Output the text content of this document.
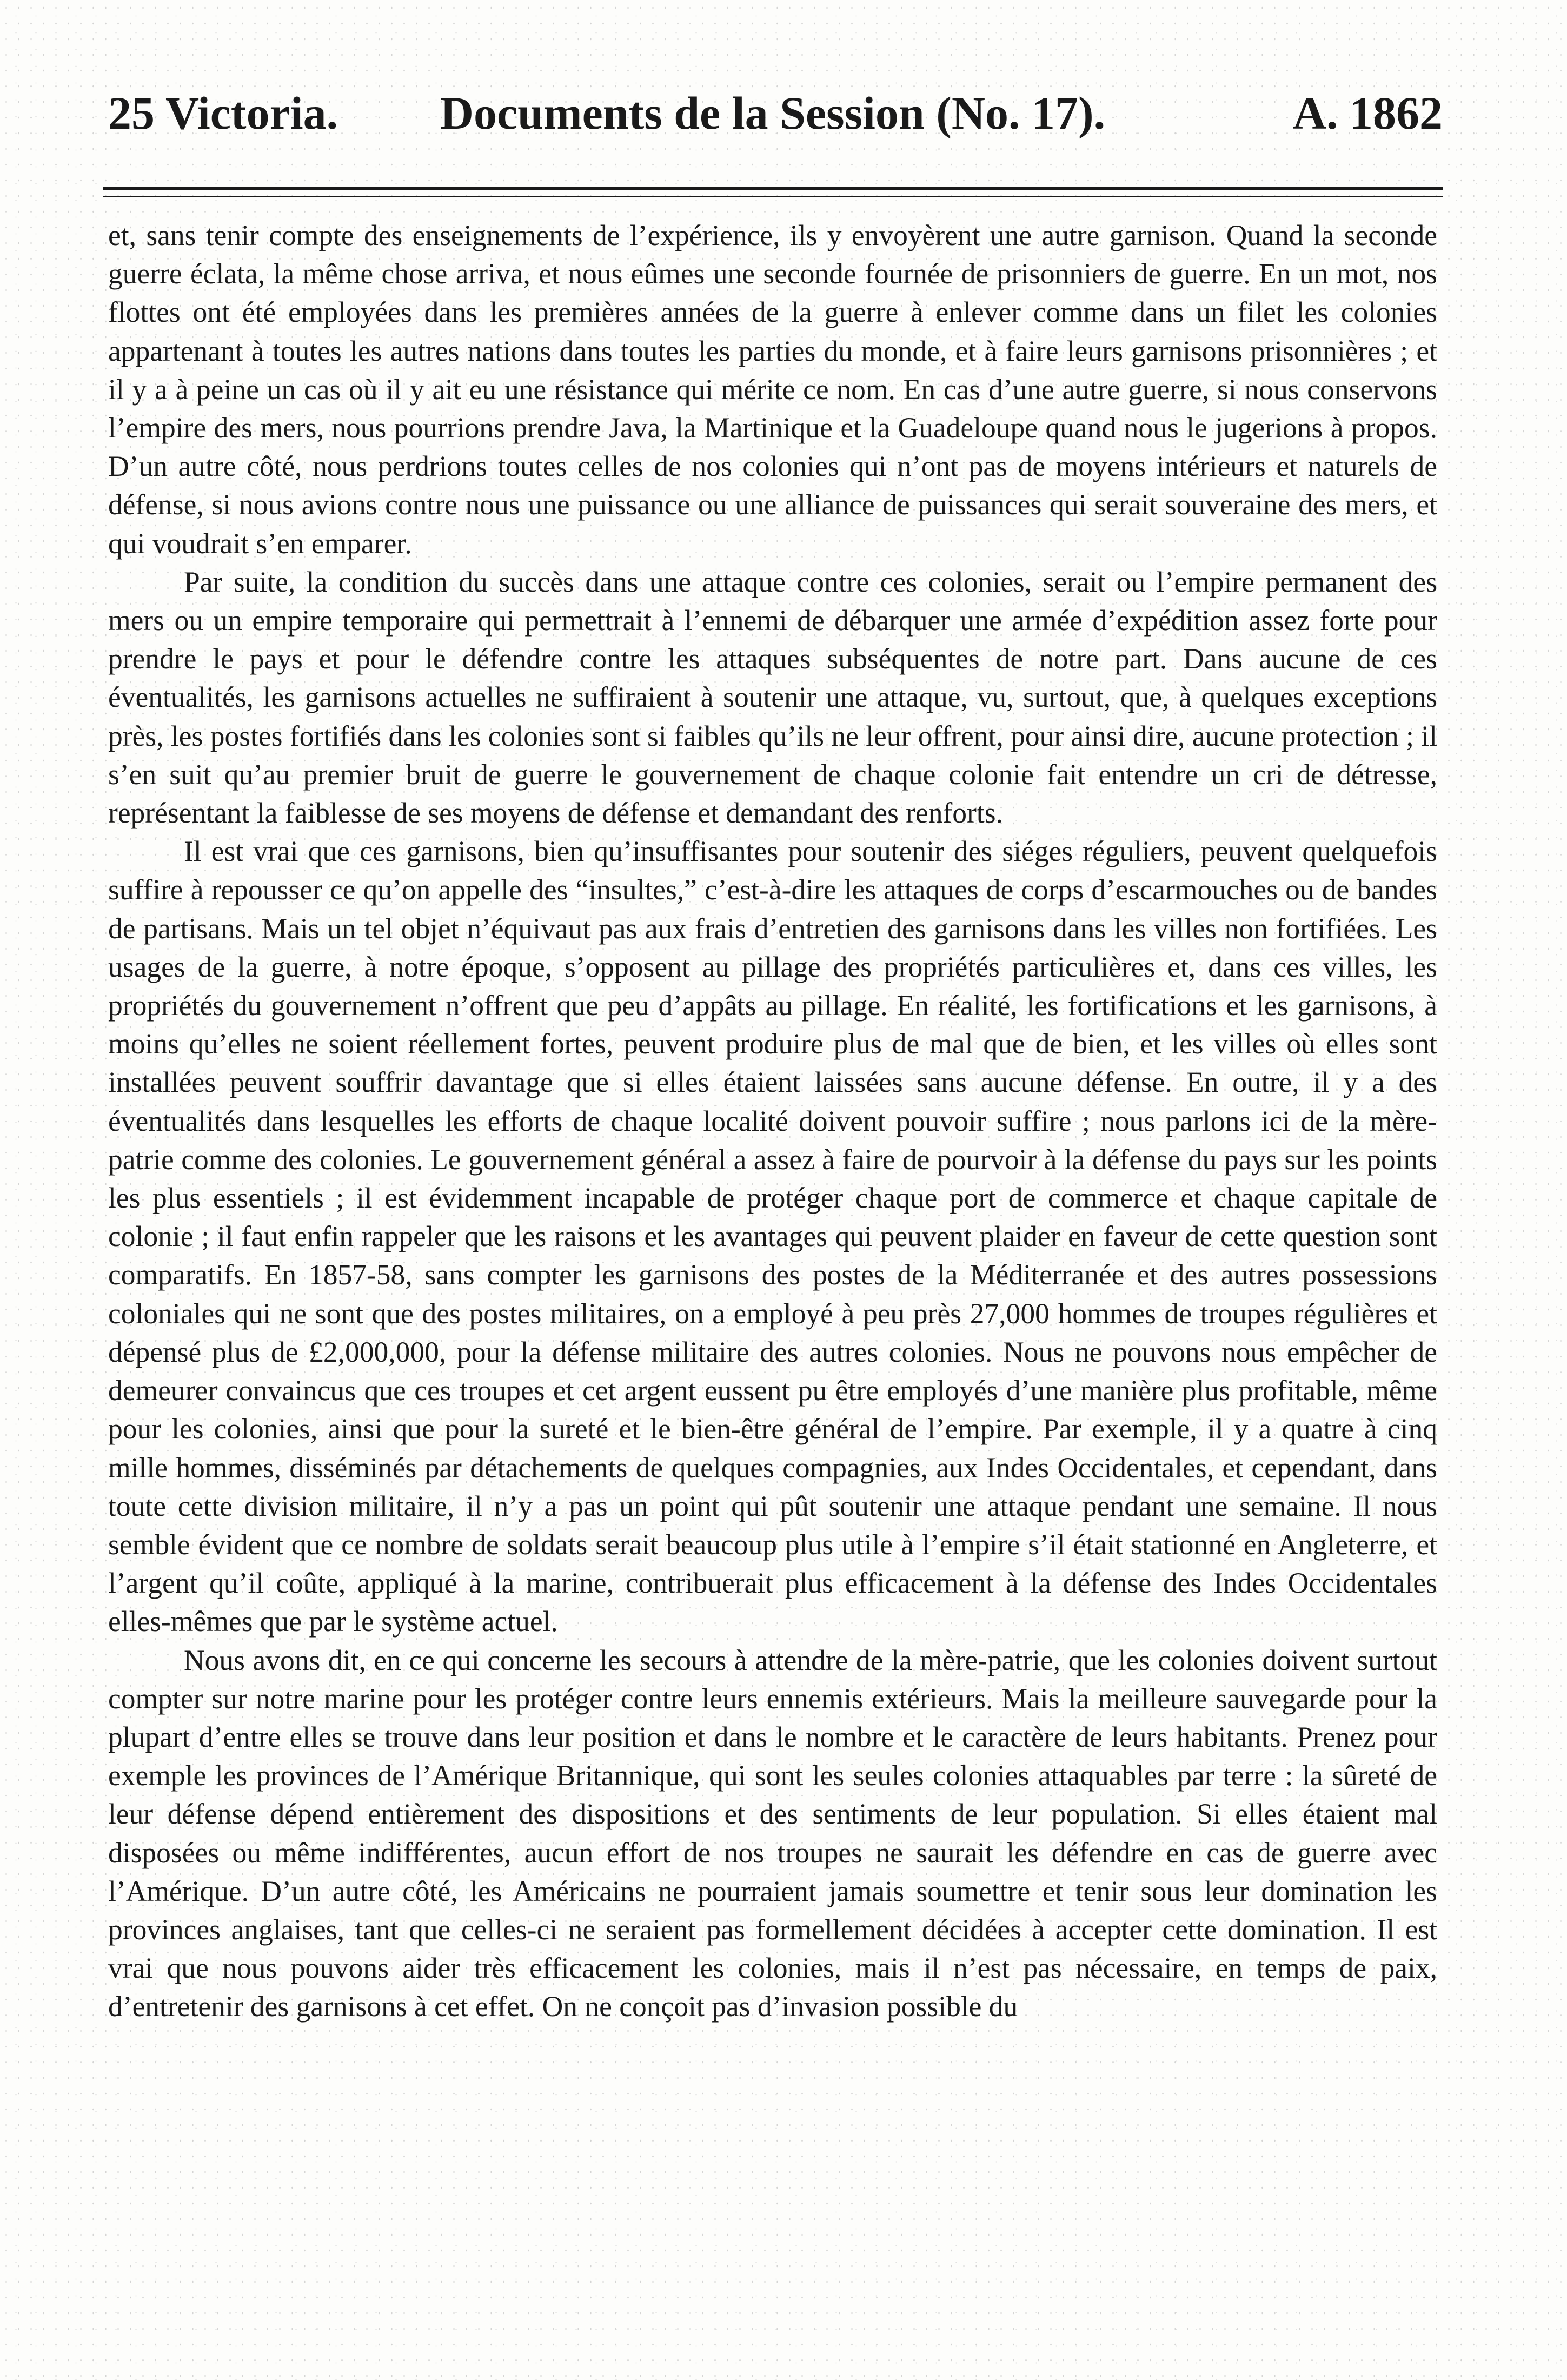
25 Victoria. Documents de la Session (No. 17).	A. 1862

et, sans tenir compte des enseignements de l’expérience, ils y envoyèrent une autre garnison. Quand la seconde guerre éclata, la même chose arriva, et nous eûmes une seconde fournée de prisonniers de guerre. En un mot, nos flottes ont été employées dans les premières années de la guerre à enlever comme dans un filet les colonies appartenant à toutes les autres nations dans toutes les parties du monde, et à faire leurs garnisons prisonnières ; et il y a à peine un cas où il y ait eu une résistance qui mérite ce nom. En cas d’une autre guerre, si nous conservons l’empire des mers, nous pourrions prendre Java, la Martinique et la Guadeloupe quand nous le jugerions à propos. D’un autre côté, nous perdrions toutes celles de nos colonies qui n’ont pas de moyens intérieurs et naturels de défense, si nous avions contre nous une puissance ou une alliance de puissances qui serait souveraine des mers, et qui voudrait s’en emparer.

Par suite, la condition du succès dans une attaque contre ces colonies, serait ou l’empire permanent des mers ou un empire temporaire qui permettrait à l’ennemi de débarquer une armée d’expédition assez forte pour prendre le pays et pour le défendre contre les attaques subséquentes de notre part. Dans aucune de ces éventualités, les garnisons actuelles ne suffiraient à soutenir une attaque, vu, surtout, que, à quelques exceptions près, les postes fortifiés dans les colonies sont si faibles qu’ils ne leur offrent, pour ainsi dire, aucune protection ; il s’en suit qu’au premier bruit de guerre le gouvernement de chaque colonie fait entendre un cri de détresse, représentant la faiblesse de ses moyens de défense et demandant des renforts.

Il est vrai que ces garnisons, bien qu’insuffisantes pour soutenir des siéges réguliers, peuvent quelquefois suffire à repousser ce qu’on appelle des “insultes,” c’est-à-dire les attaques de corps d’escarmouches ou de bandes de partisans. Mais un tel objet n’équivaut pas aux frais d’entretien des garnisons dans les villes non fortifiées. Les usages de la guerre, à notre époque, s’opposent au pillage des propriétés particulières et, dans ces villes, les propriétés du gouvernement n’offrent que peu d’appâts au pillage. En réalité, les fortifications et les garnisons, à moins qu’elles ne soient réellement fortes, peuvent produire plus de mal que de bien, et les villes où elles sont installées peuvent souffrir davantage que si elles étaient laissées sans aucune défense. En outre, il y a des éventualités dans lesquelles les efforts de chaque localité doivent pouvoir suffire ; nous parlons ici de la mère-patrie comme des colonies. Le gouvernement général a assez à faire de pourvoir à la défense du pays sur les points les plus essentiels ; il est évidemment incapable de protéger chaque port de commerce et chaque capitale de colonie ; il faut enfin rappeler que les raisons et les avantages qui peuvent plaider en faveur de cette question sont comparatifs. En 1857-58, sans compter les garnisons des postes de la Méditerranée et des autres possessions coloniales qui ne sont que des postes militaires, on a employé à peu près 27,000 hommes de troupes régulières et dépensé plus de £2,000,000, pour la défense militaire des autres colonies. Nous ne pouvons nous empêcher de demeurer convaincus que ces troupes et cet argent eussent pu être employés d’une manière plus profitable, même pour les colonies, ainsi que pour la sureté et le bien-être général de l’empire. Par exemple, il y a quatre à cinq mille hommes, disséminés par détachements de quelques compagnies, aux Indes Occidentales, et cependant, dans toute cette division militaire, il n’y a pas un point qui pût soutenir une attaque pendant une semaine. Il nous semble évident que ce nombre de soldats serait beaucoup plus utile à l’empire s’il était stationné en Angleterre, et l’argent qu’il coûte, appliqué à la marine, contribuerait plus efficacement à la défense des Indes Occidentales elles-mêmes que par le système actuel.

Nous avons dit, en ce qui concerne les secours à attendre de la mère-patrie, que les colonies doivent surtout compter sur notre marine pour les protéger contre leurs ennemis extérieurs. Mais la meilleure sauvegarde pour la plupart d’entre elles se trouve dans leur position et dans le nombre et le caractère de leurs habitants. Prenez pour exemple les provinces de l’Amérique Britannique, qui sont les seules colonies attaquables par terre : la sûreté de leur défense dépend entièrement des dispositions et des sentiments de leur population. Si elles étaient mal disposées ou même indifférentes, aucun effort de nos troupes ne saurait les défendre en cas de guerre avec l’Amérique. D’un autre côté, les Américains ne pourraient jamais soumettre et tenir sous leur domination les provinces anglaises, tant que celles-ci ne seraient pas formellement décidées à accepter cette domination. Il est vrai que nous pouvons aider très efficacement les colonies, mais il n’est pas nécessaire, en temps de paix, d’entretenir des garnisons à cet effet. On ne conçoit pas d’invasion possible du
